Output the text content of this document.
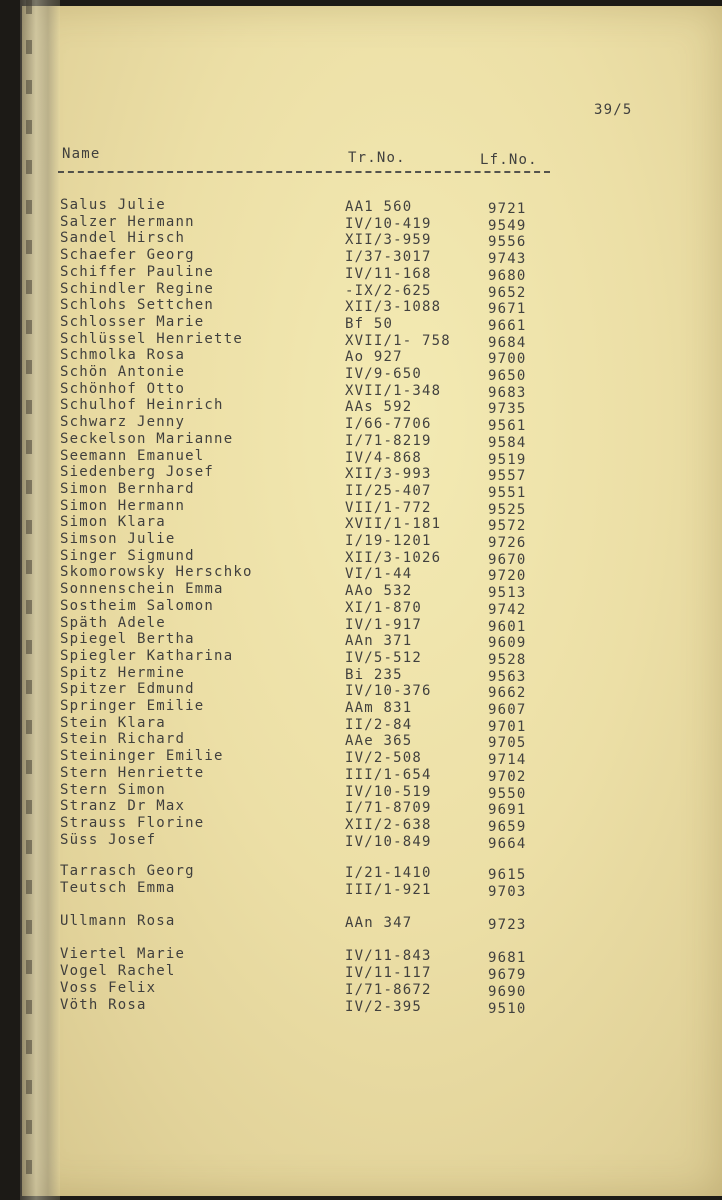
39/5
Name	Tr.No.	Lf.No.
Salus Julie	AA1 560	9721
Salzer Hermann	IV/10-419	9549
Sandel Hirsch	XII/3-959	9556
Schaefer Georg	I/37-3017	9743
Schiffer Pauline	IV/11-168	9680
Schindler Regine	-IX/2-625	9652
Schlohs Settchen	XII/3-1088	9671
Schlosser Marie	Bf 50	9661
Schlüssel Henriette	XVII/1- 758	9684
Schmolka Rosa	Ao 927	9700
Schön Antonie	IV/9-650	9650
Schönhof Otto	XVII/1-348	9683
Schulhof Heinrich	AAs 592	9735
Schwarz Jenny	I/66-7706	9561
Seckelson Marianne	I/71-8219	9584
Seemann Emanuel	IV/4-868	9519
Siedenberg Josef	XII/3-993	9557
Simon Bernhard	II/25-407	9551
Simon Hermann	VII/1-772	9525
Simon Klara	XVII/1-181	9572
Simson Julie	I/19-1201	9726
Singer Sigmund	XII/3-1026	9670
Skomorowsky Herschko	VI/1-44	9720
Sonnenschein Emma	AAo 532	9513
Sostheim Salomon	XI/1-870	9742
Späth Adele	IV/1-917	9601
Spiegel Bertha	AAn 371	9609
Spiegler Katharina	IV/5-512	9528
Spitz Hermine	Bi 235	9563
Spitzer Edmund	IV/10-376	9662
Springer Emilie	AAm 831	9607
Stein Klara	II/2-84	9701
Stein Richard	AAe 365	9705
Steininger Emilie	IV/2-508	9714
Stern Henriette	III/1-654	9702
Stern Simon	IV/10-519	9550
Stranz Dr Max	I/71-8709	9691
Strauss Florine	XII/2-638	9659
Süss Josef	IV/10-849	9664
Tarrasch Georg	I/21-1410	9615
Teutsch Emma	III/1-921	9703
Ullmann Rosa	AAn 347	9723
Viertel Marie	IV/11-843	9681
Vogel Rachel	IV/11-117	9679
Voss Felix	I/71-8672	9690
Vöth Rosa	IV/2-395	9510
